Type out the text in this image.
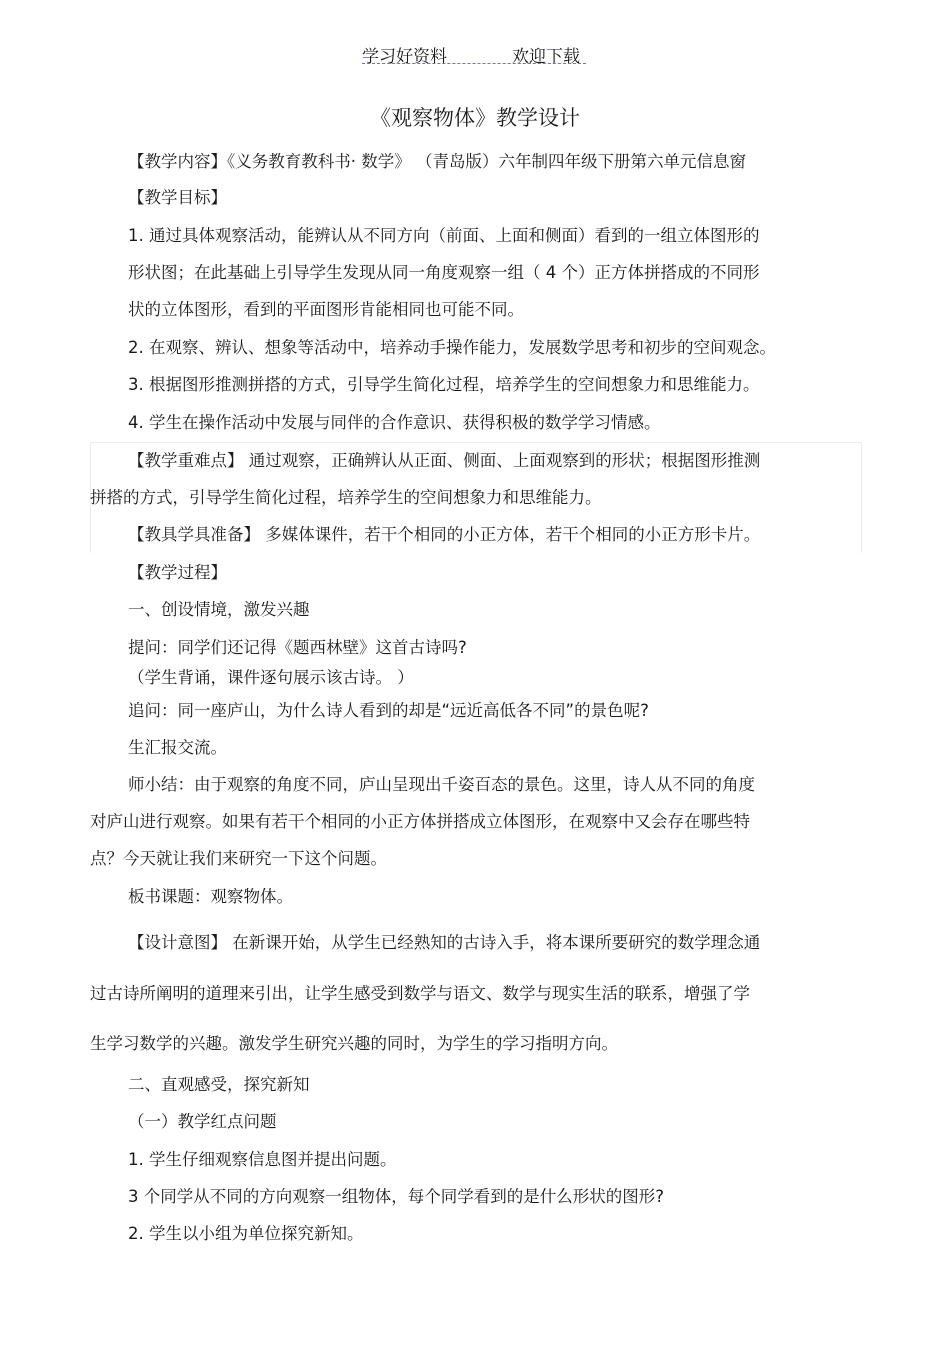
学习好资料	欢迎下载
《观察物体》教学设计
【教学内容】《义务教育教科书· 数学》 （青岛版）六年制四年级下册第六单元信息窗
【教学目标】
1. 通过具体观察活动，能辨认从不同方向（前面、上面和侧面）看到的一组立体图形的
形状图；在此基础上引导学生发现从同一角度观察一组（ 4 个）正方体拼搭成的不同形
状的立体图形，看到的平面图形肯能相同也可能不同。
2. 在观察、辨认、想象等活动中，培养动手操作能力，发展数学思考和初步的空间观念。
3. 根据图形推测拼搭的方式，引导学生简化过程，培养学生的空间想象力和思维能力。
4. 学生在操作活动中发展与同伴的合作意识、获得积极的数学学习情感。
【教学重难点】 通过观察，正确辨认从正面、侧面、上面观察到的形状；根据图形推测
拼搭的方式，引导学生简化过程，培养学生的空间想象力和思维能力。
【教具学具准备】 多媒体课件，若干个相同的小正方体，若干个相同的小正方形卡片。
【教学过程】
一、创设情境，激发兴趣
提问：同学们还记得《题西林壁》这首古诗吗?
（学生背诵，课件逐句展示该古诗。 ）
追问：同一座庐山，为什么诗人看到的却是“远近高低各不同”的景色呢?
生汇报交流。
师小结：由于观察的角度不同，庐山呈现出千姿百态的景色。这里，诗人从不同的角度
对庐山进行观察。如果有若干个相同的小正方体拼搭成立体图形，在观察中又会存在哪些特
点？今天就让我们来研究一下这个问题。
板书课题：观察物体。
【设计意图】 在新课开始，从学生已经熟知的古诗入手，将本课所要研究的数学理念通
过古诗所阐明的道理来引出，让学生感受到数学与语文、数学与现实生活的联系，增强了学
生学习数学的兴趣。激发学生研究兴趣的同时，为学生的学习指明方向。
二、直观感受，探究新知
（一）教学红点问题
1. 学生仔细观察信息图并提出问题。
3 个同学从不同的方向观察一组物体，每个同学看到的是什么形状的图形?
2. 学生以小组为单位探究新知。
